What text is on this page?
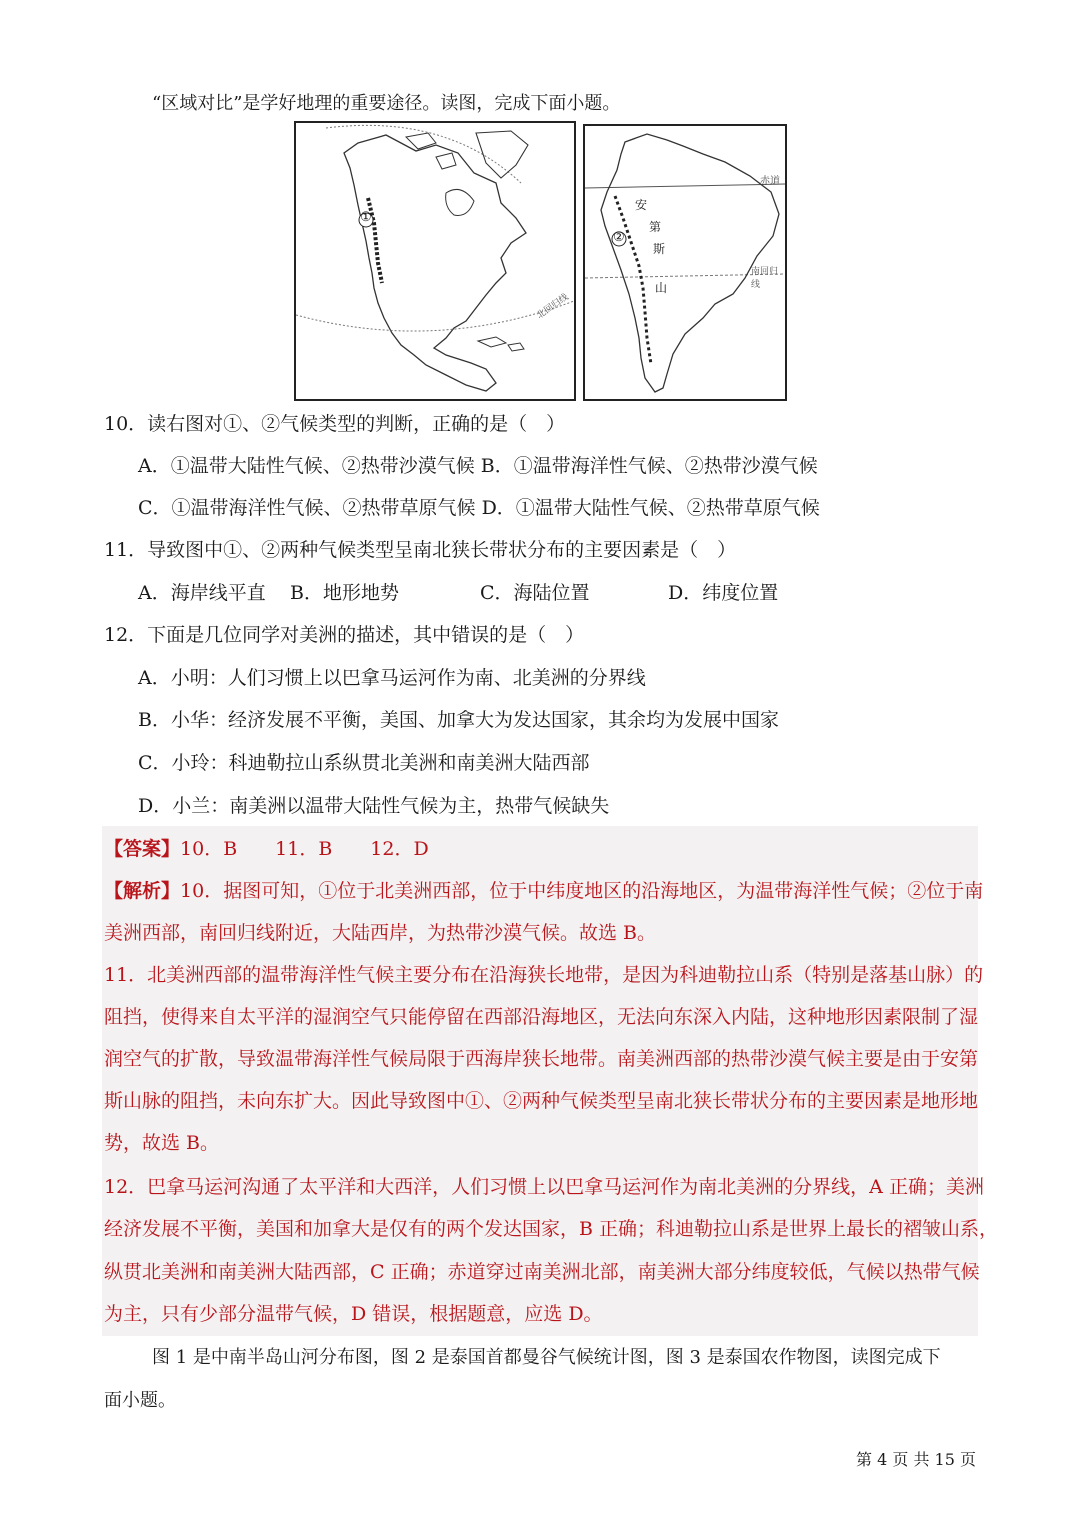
“区域对比”是学好地理的重要途径。读图，完成下面小题。
①
北回归线
赤道
南回归线
②
安
第
斯
山
10．读右图对①、②气候类型的判断，正确的是（　）
A．①温带大陆性气候、②热带沙漠气候 B．①温带海洋性气候、②热带沙漠气候
C．①温带海洋性气候、②热带草原气候 D．①温带大陆性气候、②热带草原气候
11．导致图中①、②两种气候类型呈南北狭长带状分布的主要因素是（　）
A．海岸线平直 B．地形地势	C．海陆位置	D．纬度位置
12．下面是几位同学对美洲的描述，其中错误的是（　）
A．小明：人们习惯上以巴拿马运河作为南、北美洲的分界线
B．小华：经济发展不平衡，美国、加拿大为发达国家，其余均为发展中国家
C．小玲：科迪勒拉山系纵贯北美洲和南美洲大陆西部
D．小兰：南美洲以温带大陆性气候为主，热带气候缺失
【答案】10．B　　11．B　　12．D
【解析】10．据图可知，①位于北美洲西部，位于中纬度地区的沿海地区，为温带海洋性气候；②位于南
美洲西部，南回归线附近，大陆西岸，为热带沙漠气候。故选 B。
11．北美洲西部的温带海洋性气候主要分布在沿海狭长地带，是因为科迪勒拉山系（特别是落基山脉）的
阻挡，使得来自太平洋的湿润空气只能停留在西部沿海地区，无法向东深入内陆，这种地形因素限制了湿
润空气的扩散，导致温带海洋性气候局限于西海岸狭长地带。南美洲西部的热带沙漠气候主要是由于安第
斯山脉的阻挡，未向东扩大。因此导致图中①、②两种气候类型呈南北狭长带状分布的主要因素是地形地
势，故选 B。
12．巴拿马运河沟通了太平洋和大西洋，人们习惯上以巴拿马运河作为南北美洲的分界线，A 正确；美洲
经济发展不平衡，美国和加拿大是仅有的两个发达国家，B 正确；科迪勒拉山系是世界上最长的褶皱山系，
纵贯北美洲和南美洲大陆西部，C 正确；赤道穿过南美洲北部，南美洲大部分纬度较低，气候以热带气候
为主，只有少部分温带气候，D 错误，根据题意，应选 D。
图 1 是中南半岛山河分布图，图 2 是泰国首都曼谷气候统计图，图 3 是泰国农作物图，读图完成下
面小题。
第 4 页 共 15 页
